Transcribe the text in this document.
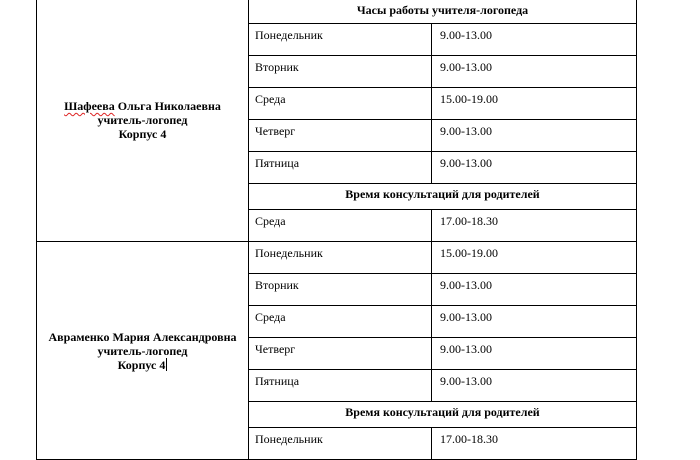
Шафеева Ольга Николаевна
учитель-логопед
Корпус 4	Часы работы учителя-логопеда	
	Понедельник	9.00-13.00
	Вторник	9.00-13.00
	Среда	15.00-19.00
	Четверг	9.00-13.00
	Пятница	9.00-13.00
	Время консультаций для родителей	
	Среда	17.00-18.30

Авраменко Мария Александровна
учитель-логопед
Корпус 4	Понедельник	15.00-19.00
	Вторник	9.00-13.00
	Среда	9.00-13.00
	Четверг	9.00-13.00
	Пятница	9.00-13.00
	Время консультаций для родителей	
	Понедельник	17.00-18.30
